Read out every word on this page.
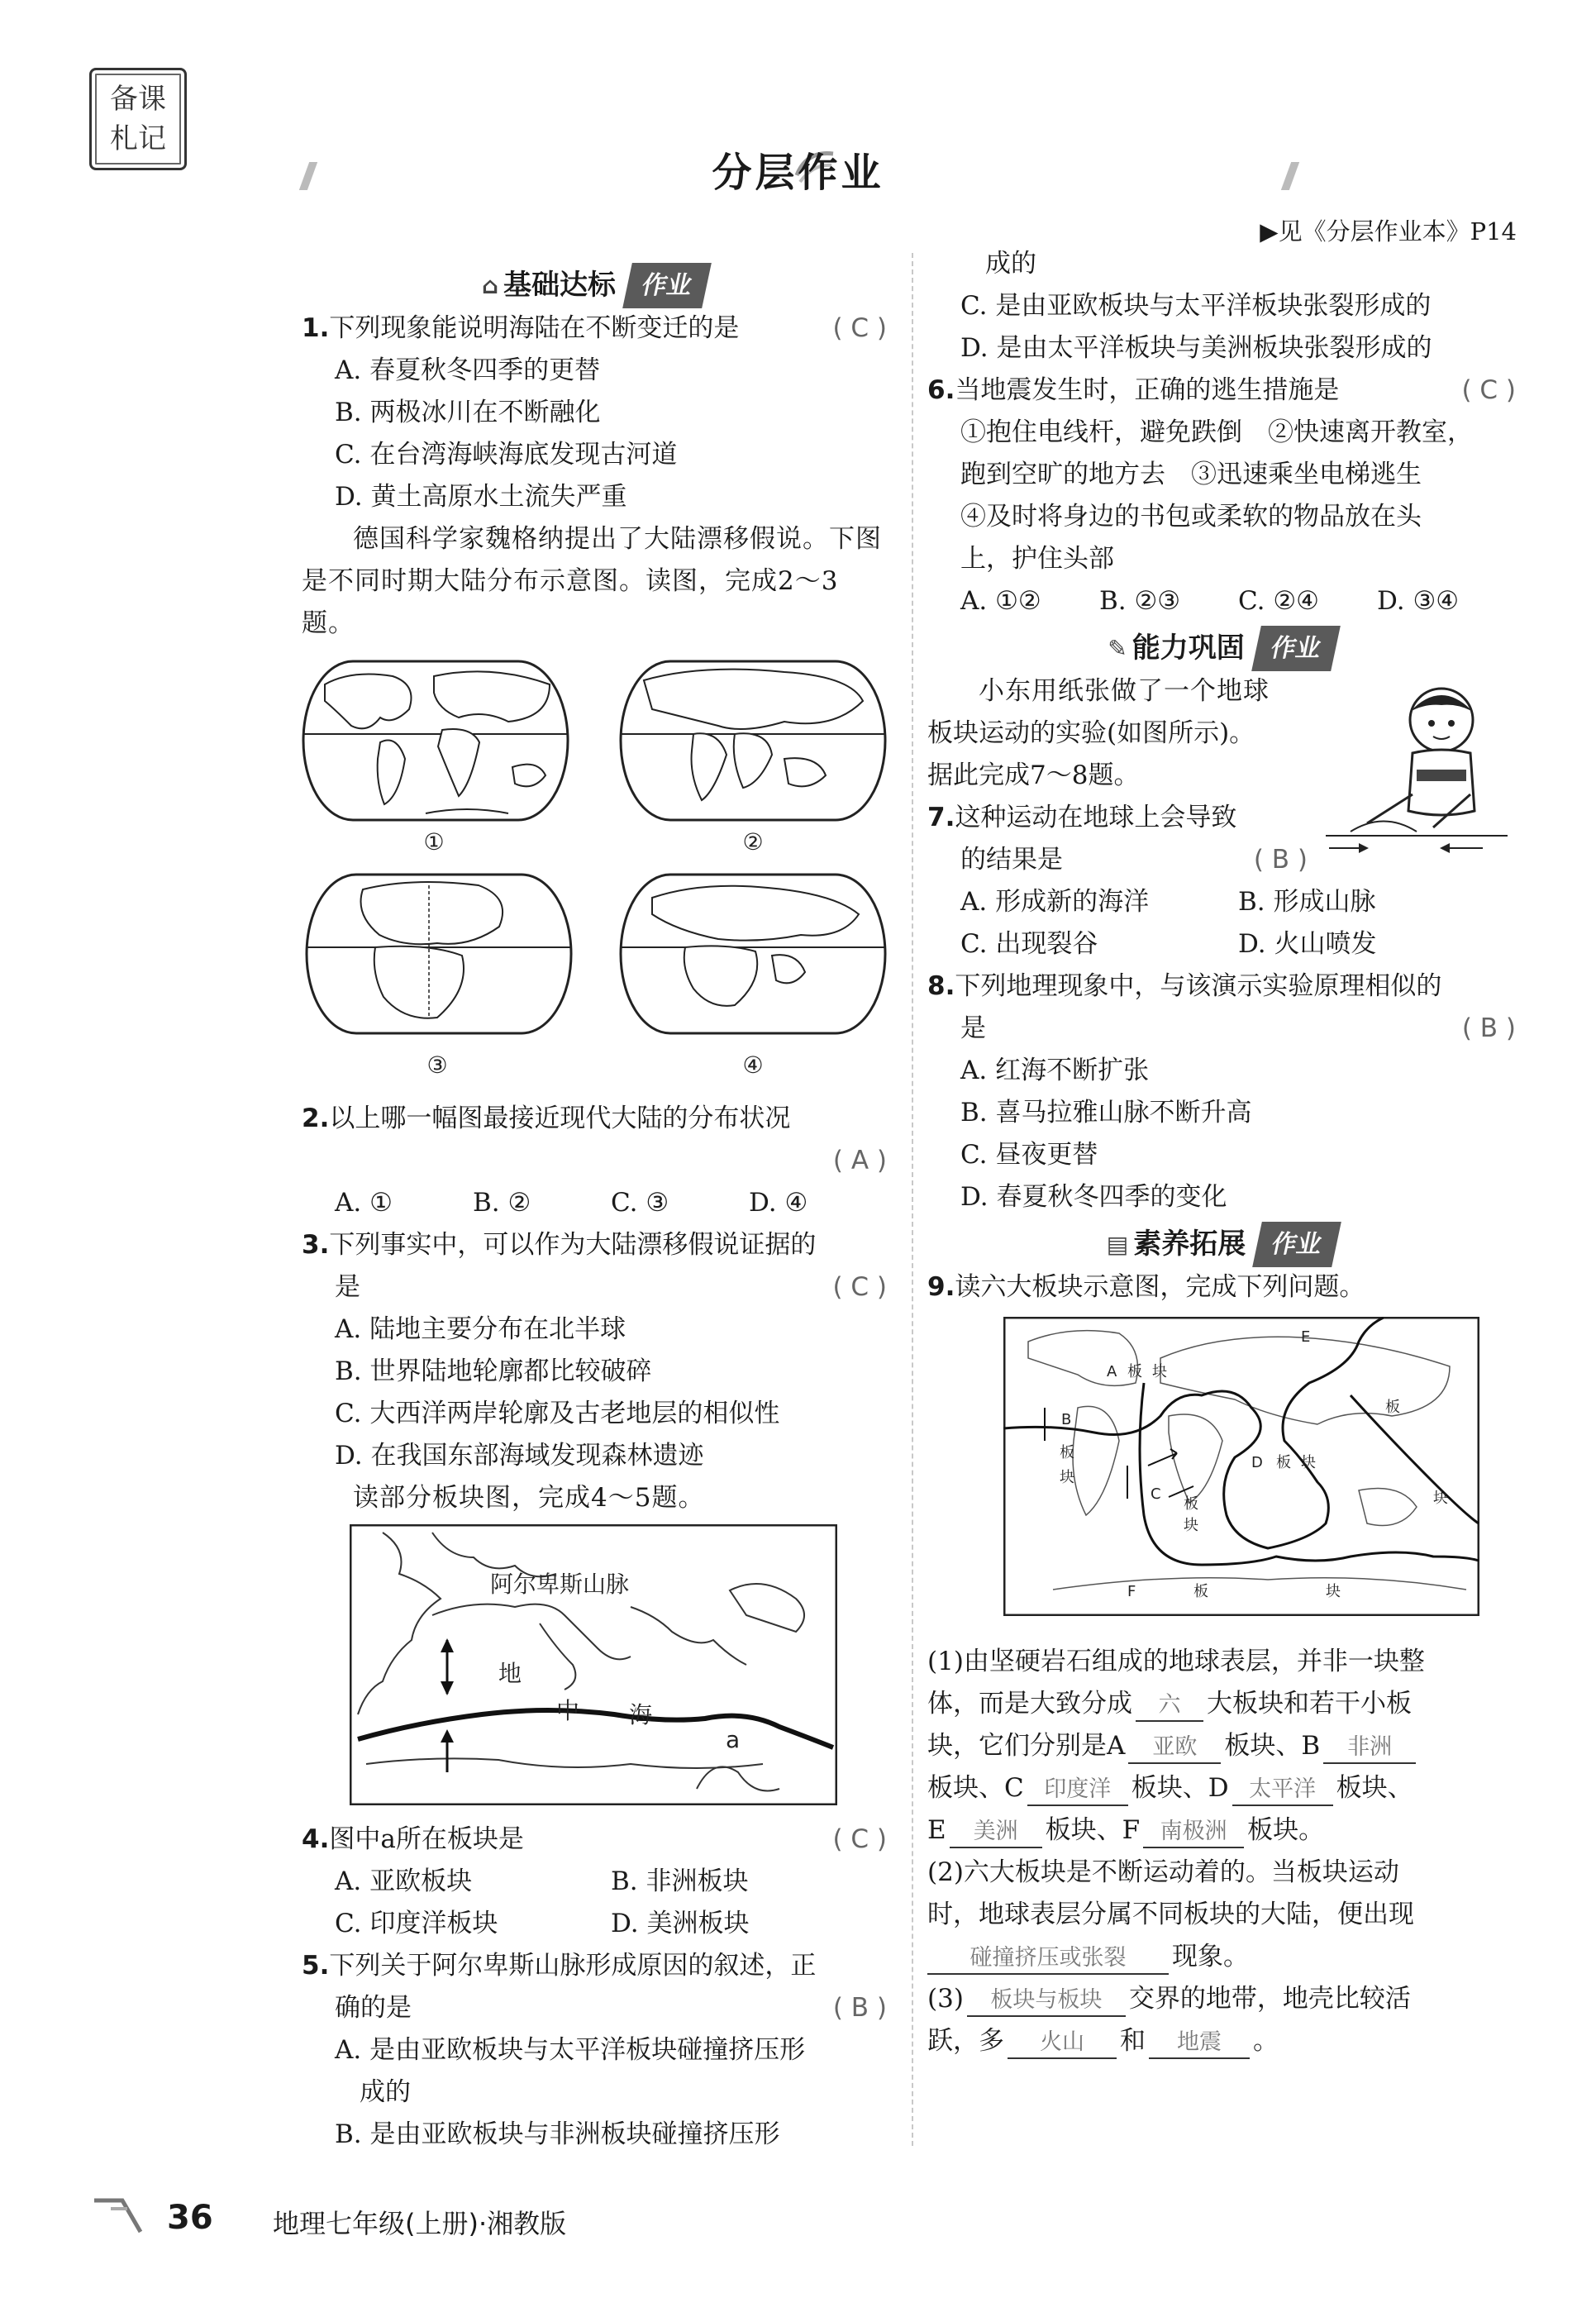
备课
札记
分层作业
▶见《分层作业本》P14
⌂ 基础达标 作业
1.下列现象能说明海陆在不断变迁的是	( C )
A. 春夏秋冬四季的更替
B. 两极冰川在不断融化
C. 在台湾海峡海底发现古河道
D. 黄土高原水土流失严重
德国科学家魏格纳提出了大陆漂移假说。下图是不同时期大陆分布示意图。读图，完成2～3题。
①	②
③	④
2.以上哪一幅图最接近现代大陆的分布状况
( A )
A. ①	B. ②	C. ③	D. ④
3.下列事实中，可以作为大陆漂移假说证据的
是	( C )
A. 陆地主要分布在北半球
B. 世界陆地轮廓都比较破碎
C. 大西洋两岸轮廓及古老地层的相似性
D. 在我国东部海域发现森林遗迹
读部分板块图，完成4～5题。
阿尔卑斯山脉
地
中 海
a
4.图中a所在板块是	( C )
A. 亚欧板块	B. 非洲板块
C. 印度洋板块	D. 美洲板块
5.下列关于阿尔卑斯山脉形成原因的叙述，正
确的是	( B )
A. 是由亚欧板块与太平洋板块碰撞挤压形
成的
B. 是由亚欧板块与非洲板块碰撞挤压形
成的
C. 是由亚欧板块与太平洋板块张裂形成的
D. 是由太平洋板块与美洲板块张裂形成的
6.当地震发生时，正确的逃生措施是	( C )
①抱住电线杆，避免跌倒　②快速离开教室，
跑到空旷的地方去　③迅速乘坐电梯逃生
④及时将身边的书包或柔软的物品放在头
上，护住头部
A. ①②	B. ②③	C. ②④	D. ③④
✎ 能力巩固 作业
小东用纸张做了一个地球
板块运动的实验(如图所示)。
据此完成7～8题。
7.这种运动在地球上会导致
的结果是	( B )
A. 形成新的海洋	B. 形成山脉
C. 出现裂谷	D. 火山喷发
8.下列地理现象中，与该演示实验原理相似的
是	( B )
A. 红海不断扩张
B. 喜马拉雅山脉不断升高
C. 昼夜更替
D. 春夏秋冬四季的变化
▤ 素养拓展 作业
9.读六大板块示意图，完成下列问题。
A 板 块
B
板
块
C
板
块
D 板 块
E
板
块
F	板	块
(1)由坚硬岩石组成的地球表层，并非一块整
体，而是大致分成 六 大板块和若干小板
块，它们分别是A 亚欧 板块、B 非洲
板块、C 印度洋 板块、D 太平洋 板块、
E 美洲 板块、F 南极洲 板块。
(2)六大板块是不断运动着的。当板块运动
时，地球表层分属不同板块的大陆，便出现
碰撞挤压或张裂 现象。
(3) 板块与板块 交界的地带，地壳比较活
跃，多 火山 和 地震 。
36 地理七年级(上册)·湘教版
